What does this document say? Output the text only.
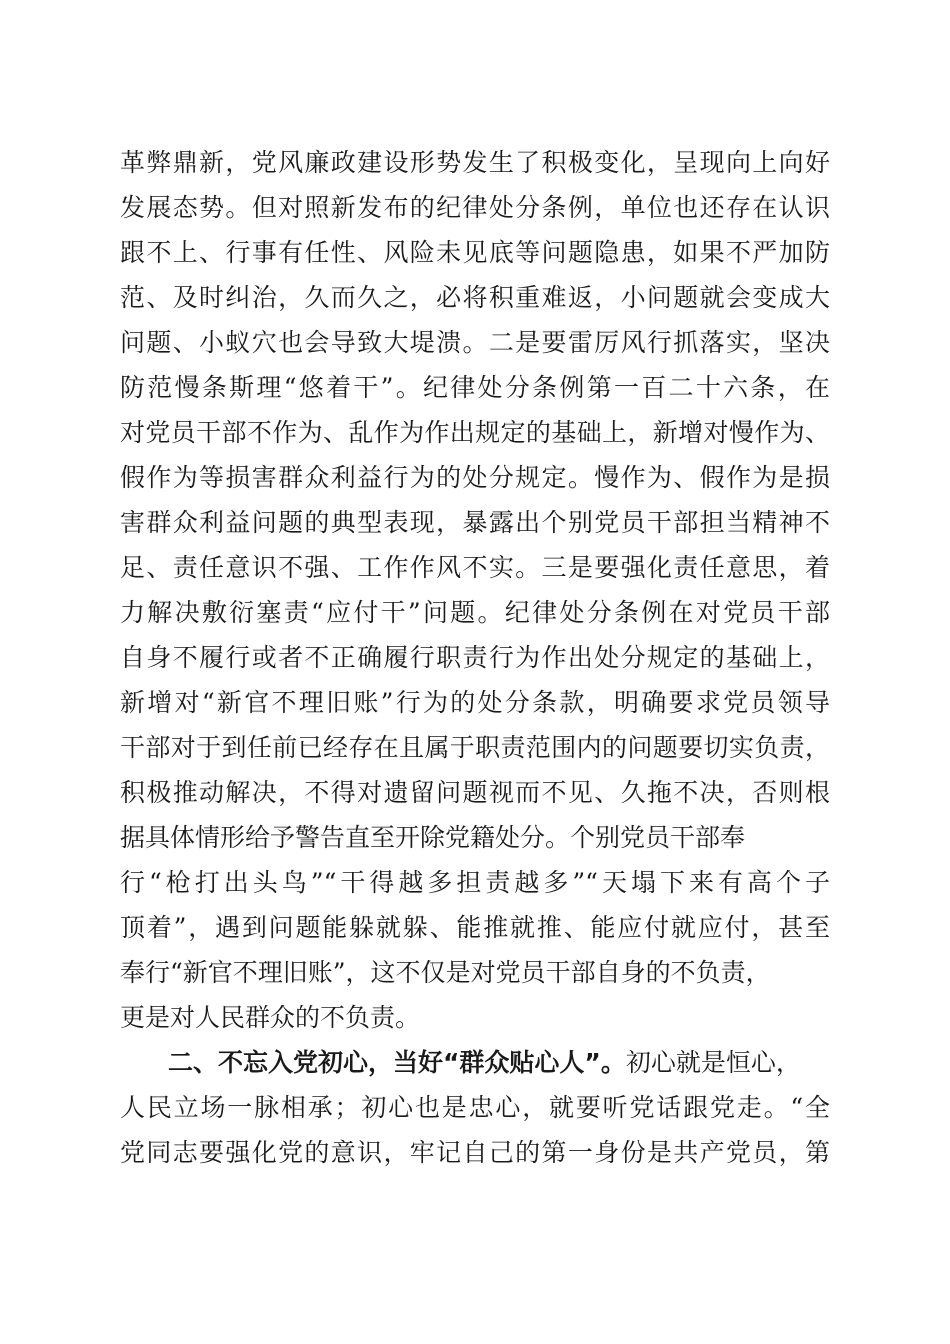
革弊鼎新，党风廉政建设形势发生了积极变化，呈现向上向好
发展态势。但对照新发布的纪律处分条例，单位也还存在认识
跟不上、行事有任性、风险未见底等问题隐患，如果不严加防
范、及时纠治，久而久之，必将积重难返，小问题就会变成大
问题、小蚁穴也会导致大堤溃。二是要雷厉风行抓落实，坚决
防范慢条斯理“悠着干”。纪律处分条例第一百二十六条，在
对党员干部不作为、乱作为作出规定的基础上，新增对慢作为、
假作为等损害群众利益行为的处分规定。慢作为、假作为是损
害群众利益问题的典型表现，暴露出个别党员干部担当精神不
足、责任意识不强、工作作风不实。三是要强化责任意思，着
力解决敷衍塞责“应付干”问题。纪律处分条例在对党员干部
自身不履行或者不正确履行职责行为作出处分规定的基础上，
新增对“新官不理旧账”行为的处分条款，明确要求党员领导
干部对于到任前已经存在且属于职责范围内的问题要切实负责，
积极推动解决，不得对遗留问题视而不见、久拖不决，否则根
据具体情形给予警告直至开除党籍处分。个别党员干部奉
行“枪打出头鸟”“干得越多担责越多”“天塌下来有高个子
顶着”，遇到问题能躲就躲、能推就推、能应付就应付，甚至
奉行“新官不理旧账”，这不仅是对党员干部自身的不负责，
更是对人民群众的不负责。
二、不忘入党初心，当好“群众贴心人”。初心就是恒心，
人民立场一脉相承；初心也是忠心，就要听党话跟党走。“全
党同志要强化党的意识，牢记自己的第一身份是共产党员，第
